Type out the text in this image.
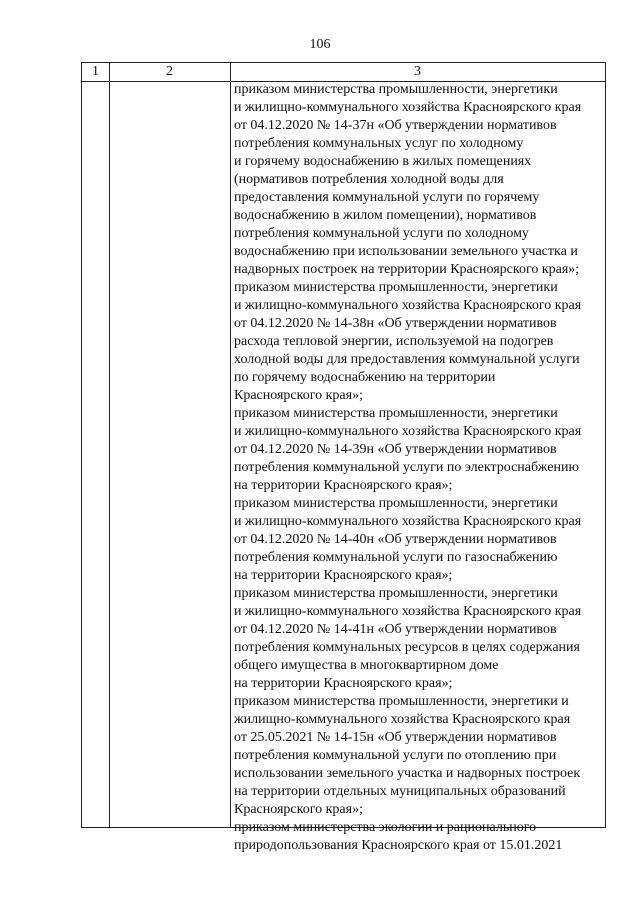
106
1	2	3
приказом министерства промышленности, энергетики
и жилищно-коммунального хозяйства Красноярского края
от 04.12.2020 № 14-37н «Об утверждении нормативов
потребления коммунальных услуг по холодному
и горячему водоснабжению в жилых помещениях
(нормативов потребления холодной воды для
предоставления коммунальной услуги по горячему
водоснабжению в жилом помещении), нормативов
потребления коммунальной услуги по холодному
водоснабжению при использовании земельного участка и
надворных построек на территории Красноярского края»;
приказом министерства промышленности, энергетики
и жилищно-коммунального хозяйства Красноярского края
от 04.12.2020 № 14-38н «Об утверждении нормативов
расхода тепловой энергии, используемой на подогрев
холодной воды для предоставления коммунальной услуги
по горячему водоснабжению на территории
Красноярского края»;
приказом министерства промышленности, энергетики
и жилищно-коммунального хозяйства Красноярского края
от 04.12.2020 № 14-39н «Об утверждении нормативов
потребления коммунальной услуги по электроснабжению
на территории Красноярского края»;
приказом министерства промышленности, энергетики
и жилищно-коммунального хозяйства Красноярского края
от 04.12.2020 № 14-40н «Об утверждении нормативов
потребления коммунальной услуги по газоснабжению
на территории Красноярского края»;
приказом министерства промышленности, энергетики
и жилищно-коммунального хозяйства Красноярского края
от 04.12.2020 № 14-41н «Об утверждении нормативов
потребления коммунальных ресурсов в целях содержания
общего имущества в многоквартирном доме
на территории Красноярского края»;
приказом министерства промышленности, энергетики и
жилищно-коммунального хозяйства Красноярского края
от 25.05.2021 № 14-15н «Об утверждении нормативов
потребления коммунальной услуги по отоплению при
использовании земельного участка и надворных построек
на территории отдельных муниципальных образований
Красноярского края»;
приказом министерства экологии и рационального
природопользования Красноярского края от 15.01.2021
